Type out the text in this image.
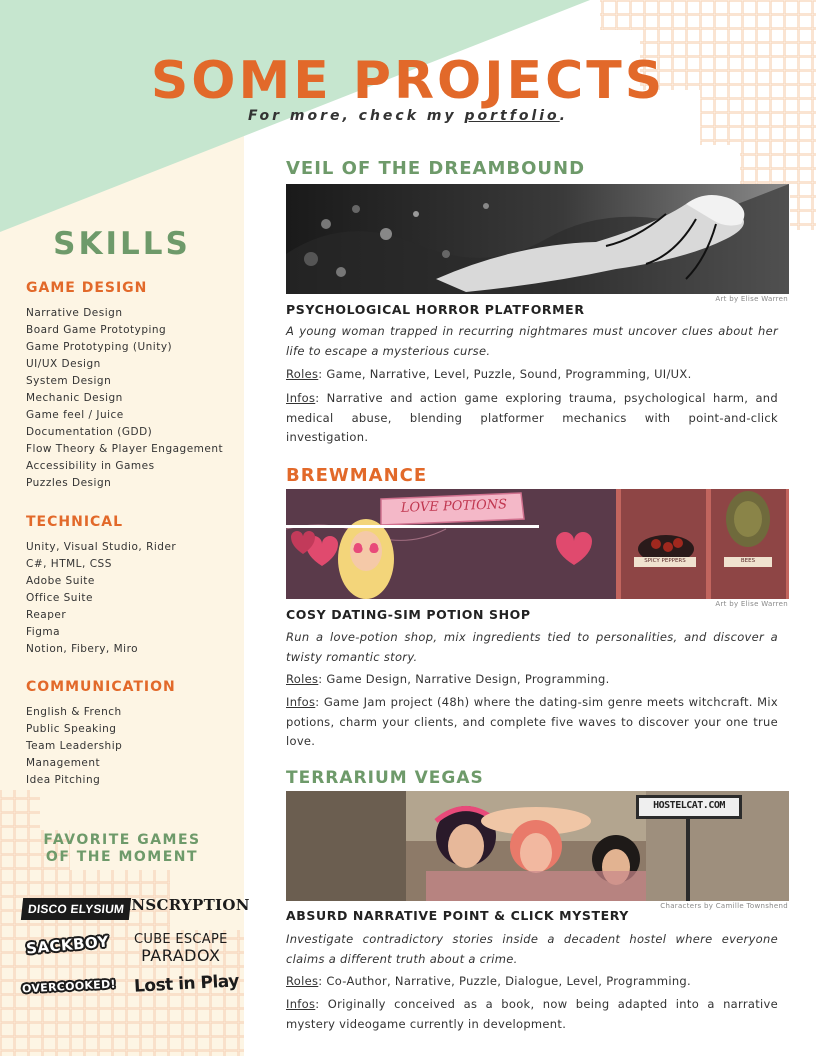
SOME PROJECTS
For more, check my portfolio.
SKILLS
GAME DESIGN
Narrative Design
Board Game Prototyping
Game Prototyping (Unity)
UI/UX Design
System Design
Mechanic Design
Game feel / Juice
Documentation (GDD)
Flow Theory & Player Engagement
Accessibility in Games
Puzzles Design
TECHNICAL
Unity, Visual Studio, Rider
C#, HTML, CSS
Adobe Suite
Office Suite
Reaper
Figma
Notion, Fibery, Miro
COMMUNICATION
English & French
Public Speaking
Team Leadership
Management
Idea Pitching
FAVORITE GAMES
OF THE MOMENT
DISCO ELYSIUM INSCRYPTION
SACKBOY CUBE ESCAPE
PARADOX
OVERCOOKED! Lost in Play
VEIL OF THE DREAMBOUND
Art by Elise Warren
PSYCHOLOGICAL HORROR PLATFORMER
A young woman trapped in recurring nightmares must uncover clues about her life to escape a mysterious curse.
Roles: Game, Narrative, Level, Puzzle, Sound, Programming, UI/UX.
Infos: Narrative and action game exploring trauma, psychological harm, and medical abuse, blending platformer mechanics with point-and-click investigation.
BREWMANCE
LOVE POTIONS
SPICY PEPPERS	BEES
Art by Elise Warren
COSY DATING-SIM POTION SHOP
Run a love-potion shop, mix ingredients tied to personalities, and discover a twisty romantic story.
Roles: Game Design, Narrative Design, Programming.
Infos: Game Jam project (48h) where the dating-sim genre meets witchcraft. Mix potions, charm your clients, and complete five waves to discover your one true love.
TERRARIUM VEGAS
HOSTELCAT.COM
Characters by Camille Townshend
ABSURD NARRATIVE POINT & CLICK MYSTERY
Investigate contradictory stories inside a decadent hostel where everyone claims a different truth about a crime.
Roles: Co-Author, Narrative, Puzzle, Dialogue, Level, Programming.
Infos: Originally conceived as a book, now being adapted into a narrative mystery videogame currently in development.
